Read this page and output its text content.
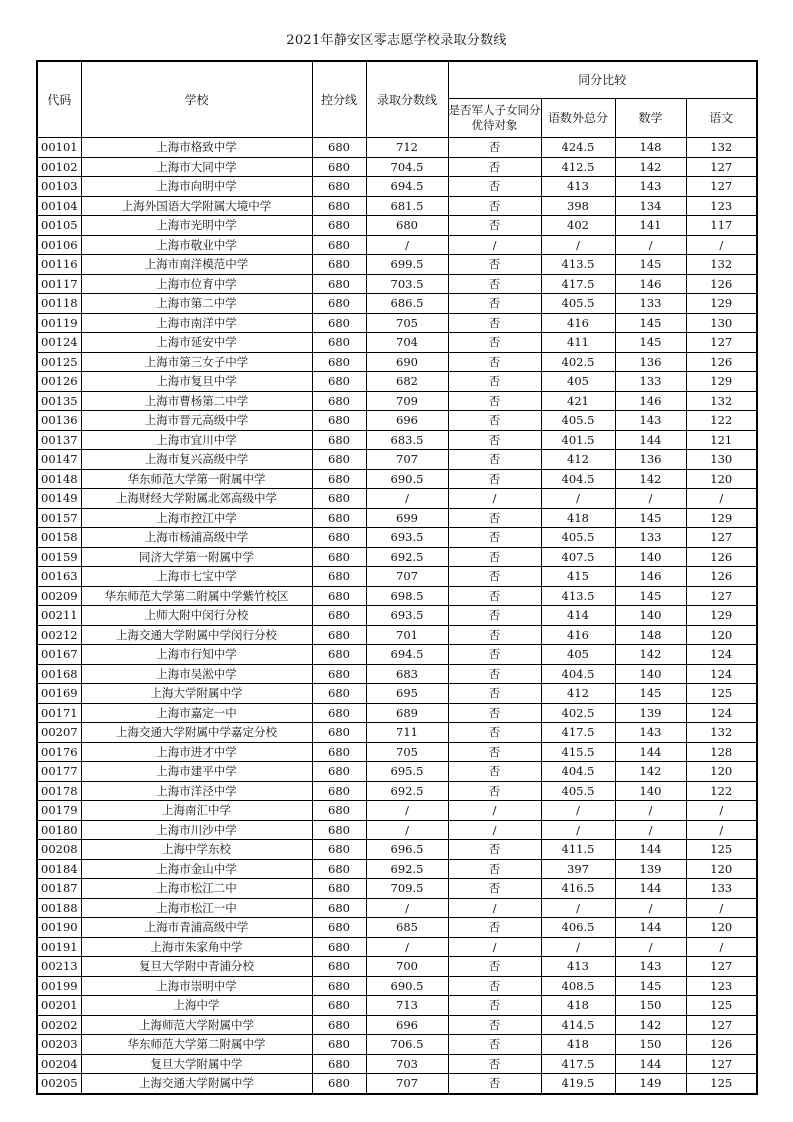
2021年静安区零志愿学校录取分数线
代码	学校	控分线	录取分数线	同分比较			
				是否军人子女同分优待对象	语数外总分	数学	语文
00101	上海市格致中学	680	712	否	424.5	148	132
00102	上海市大同中学	680	704.5	否	412.5	142	127
00103	上海市向明中学	680	694.5	否	413	143	127
00104	上海外国语大学附属大境中学	680	681.5	否	398	134	123
00105	上海市光明中学	680	680	否	402	141	117
00106	上海市敬业中学	680	/	/	/	/	/
00116	上海市南洋模范中学	680	699.5	否	413.5	145	132
00117	上海市位育中学	680	703.5	否	417.5	146	126
00118	上海市第二中学	680	686.5	否	405.5	133	129
00119	上海市南洋中学	680	705	否	416	145	130
00124	上海市延安中学	680	704	否	411	145	127
00125	上海市第三女子中学	680	690	否	402.5	136	126
00126	上海市复旦中学	680	682	否	405	133	129
00135	上海市曹杨第二中学	680	709	否	421	146	132
00136	上海市晋元高级中学	680	696	否	405.5	143	122
00137	上海市宜川中学	680	683.5	否	401.5	144	121
00147	上海市复兴高级中学	680	707	否	412	136	130
00148	华东师范大学第一附属中学	680	690.5	否	404.5	142	120
00149	上海财经大学附属北郊高级中学	680	/	/	/	/	/
00157	上海市控江中学	680	699	否	418	145	129
00158	上海市杨浦高级中学	680	693.5	否	405.5	133	127
00159	同济大学第一附属中学	680	692.5	否	407.5	140	126
00163	上海市七宝中学	680	707	否	415	146	126
00209	华东师范大学第二附属中学紫竹校区	680	698.5	否	413.5	145	127
00211	上师大附中闵行分校	680	693.5	否	414	140	129
00212	上海交通大学附属中学闵行分校	680	701	否	416	148	120
00167	上海市行知中学	680	694.5	否	405	142	124
00168	上海市吴淞中学	680	683	否	404.5	140	124
00169	上海大学附属中学	680	695	否	412	145	125
00171	上海市嘉定一中	680	689	否	402.5	139	124
00207	上海交通大学附属中学嘉定分校	680	711	否	417.5	143	132
00176	上海市进才中学	680	705	否	415.5	144	128
00177	上海市建平中学	680	695.5	否	404.5	142	120
00178	上海市洋泾中学	680	692.5	否	405.5	140	122
00179	上海南汇中学	680	/	/	/	/	/
00180	上海市川沙中学	680	/	/	/	/	/
00208	上海中学东校	680	696.5	否	411.5	144	125
00184	上海市金山中学	680	692.5	否	397	139	120
00187	上海市松江二中	680	709.5	否	416.5	144	133
00188	上海市松江一中	680	/	/	/	/	/
00190	上海市青浦高级中学	680	685	否	406.5	144	120
00191	上海市朱家角中学	680	/	/	/	/	/
00213	复旦大学附中青浦分校	680	700	否	413	143	127
00199	上海市崇明中学	680	690.5	否	408.5	145	123
00201	上海中学	680	713	否	418	150	125
00202	上海师范大学附属中学	680	696	否	414.5	142	127
00203	华东师范大学第二附属中学	680	706.5	否	418	150	126
00204	复旦大学附属中学	680	703	否	417.5	144	127
00205	上海交通大学附属中学	680	707	否	419.5	149	125
